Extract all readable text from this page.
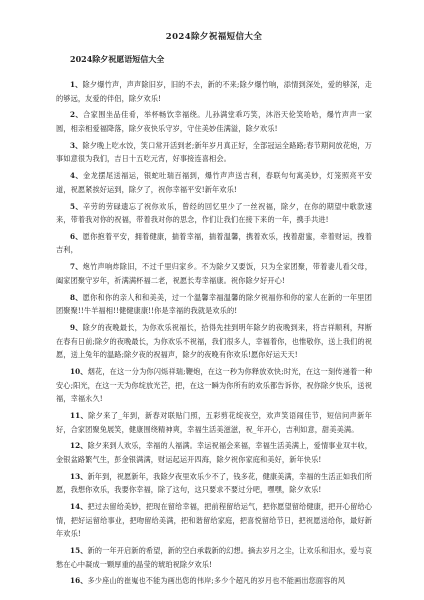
2024除夕祝福短信大全
2024除夕祝愿语短信大全

1、除夕爆竹声，声声除旧岁，旧的不去，新的不来;除夕爆竹响，添情到深处，爱的够深，走的够远，友爱的伴侣，除夕欢乐!

2、合家围坐品佳肴，举杯畅饮幸福绕。儿孙满堂乖巧笑，沐浴天伦笑哈哈，爆竹声声一家圆，相亲相爱福降落，除夕夜快乐守岁，守住美妙佳满溢，除夕欢乐!

3、除夕晚上吃水饺，笑口常开活到老;新年岁月真正好，全部冠运全路路;春节期间放花炮，万事如意很为我们，吉日十五吃元宵，好事接连喜相会。

4、金龙摆尾送福运，银蛇吐瑞百福到，爆竹声声送吉利，春联句句寓美妙，灯笼照亮平安道，祝愿紧挨好运到，除夕了，祝你幸福平安!新年欢乐!

5、辛劳的劳碌遗忘了祝你欢乐，曾经的回忆里少了一丝祝福，除夕，在你的期望中歌款速来，带着我对你的祝福，带着我对你的思念，作们让我们在接下来的一年，携手共进!

6、愿你抱着平安，拥着健康，揣着幸福，揣着温馨，携着欢乐，拽着甜蜜，牵着财运，拽着吉利，

7、炮竹声响炸除旧，不过千里归家乡。不为除夕又要饭，只为全家团聚，带着妻儿看父母，阖家团聚守岁年，祈满满杯福二老，祝愿长寿幸福康。祝你除夕好开心!

8、愿你和你的亲人和和美美，过一个温馨幸福温馨的除夕祝福你和你的家人在新的一年里团团聚聚!!牛羊福相!!健健康康!!你是幸福的我就是欢乐的!

9、除夕的夜晚最长，为你欢乐祝福长，拾得先挂到明年除夕的夜晚到来，将吉祥顺利，拜断在春有日前;除夕的夜晚最长，为你欢乐不祝福，我们很多人，幸福着你，也惟敬你，送上我们的祝愿，送上兔年的温路;除夕夜的祝福声，除夕的夜晚有你欢乐!愿你好运天天!

10、烟花，在这一分为你闪烁祥瑞;鞭炮，在这一秒为你释放欢快;时光，在这一刻传递着一种安心;阳光，在这一天为你绽放光芒，把，在这一瞬为你所有的欢乐都告诉你，祝你除夕快乐，送祝福，幸福永久!

11、除夕来了_年到，新春对联贴门照，五彩剪花绽夜空，欢声笑语闹佳节，短信问声新年好，合家团聚兔展笑，健康围绕精神爽，幸福生活美滋滋，祝_年开心，吉利如意，甜美美满。

12、除夕来到人欢乐，幸福的人福满。幸运祝福会来福，幸福生活美满上，爱情事业双丰收，金银盆路繁气生，彭金银满满，财运起运开四海，除夕祝你家庭和美好，新年快乐!

13、新年到，祝愿新年，我除夕夜里欢乐少不了，钱多花，健康美满，幸福的生活正如我们所愿，我想你欢乐，我要你幸福，除了这句，这只要求不要过分吧，嘿嘿，除夕欢乐!

14、把过去留给美妙，把现在留给幸福，把前程留给运气，把你愿望留给健康，把开心留给心情，把好运留给事业，把吻留给美满，把和谐留给家庭，把喜悦留给节日，把祝愿送给你，最好新年欢乐!

15、新的一年开启新的希望，新的空白承载新的幻想。摘去岁月之尘，让欢乐和泪水，爱与哀愁在心中凝成一颗厚重的晶莹的琥珀祝除夕欢乐!

16、多少座山的崔嵬也不能为画出您的伟岸;多少个超凡的岁月也不能画出您面容的风
